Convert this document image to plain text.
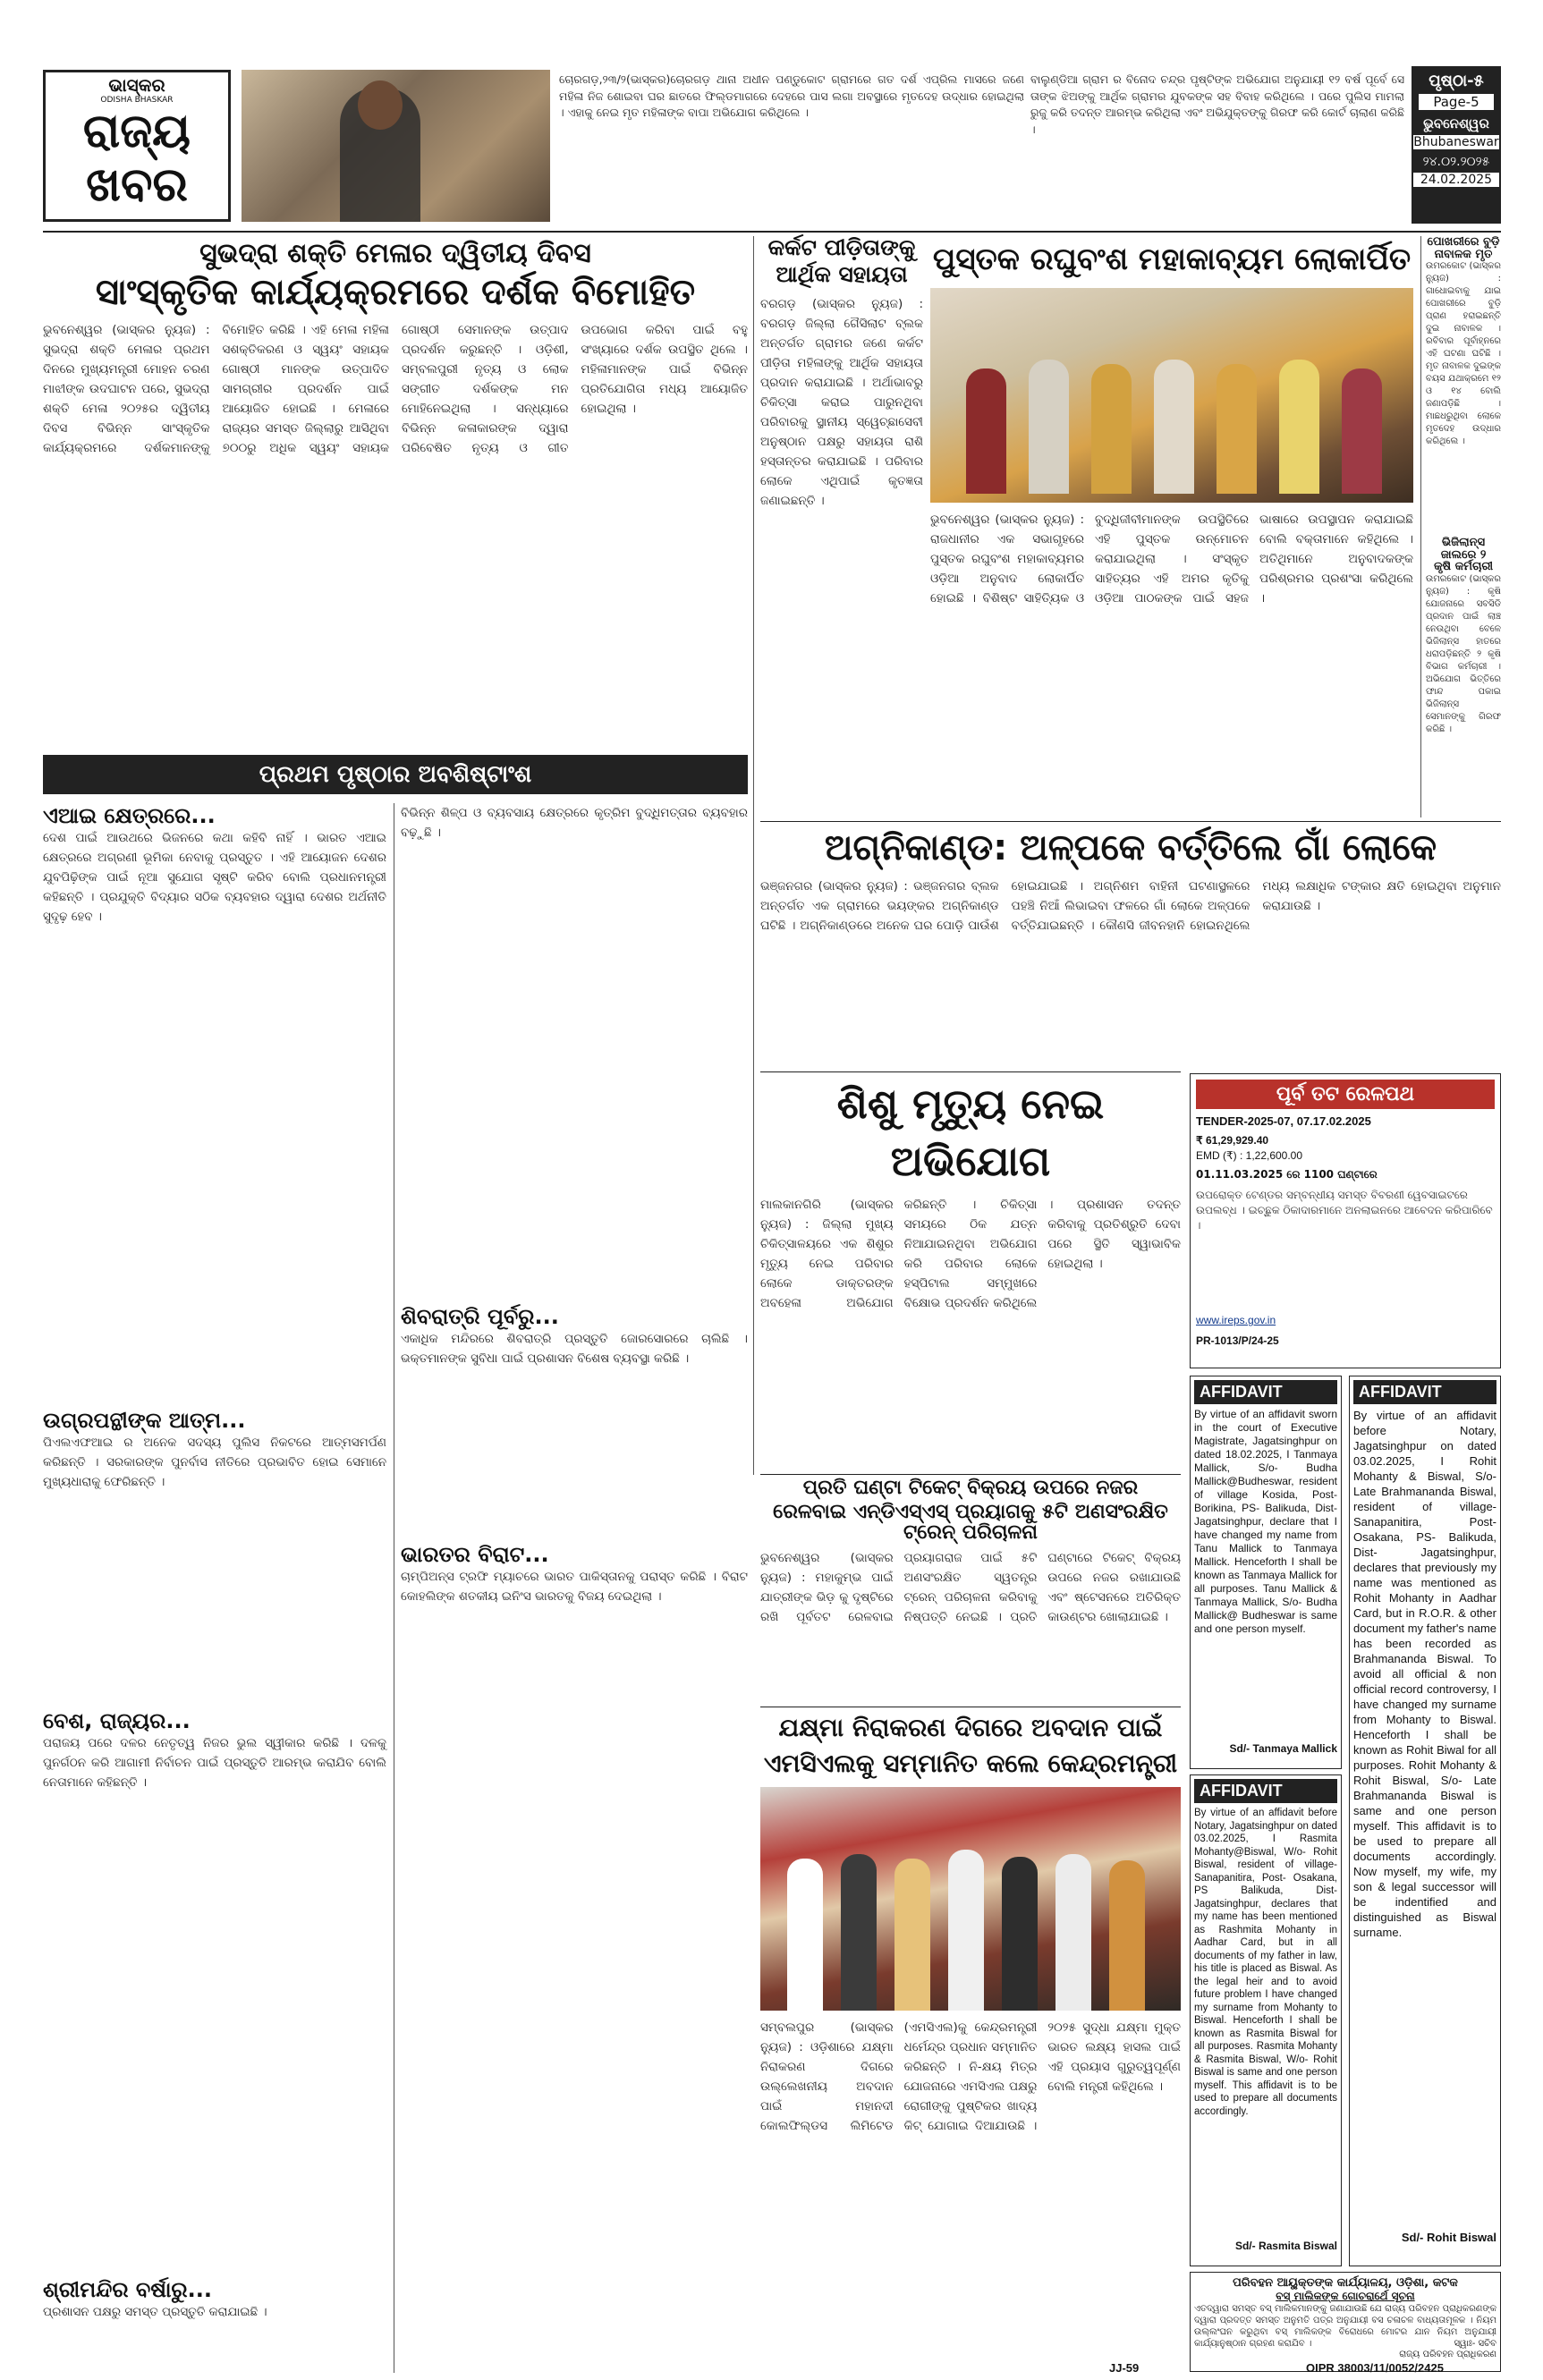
ଭାସ୍କର
ODISHA BHASKAR
ରାଜ୍ୟ
ଖବର
ଚୋରଗଡ଼,୨୩/୨(ଭାସ୍କର)ଚୋରଗଡ଼ ଥାନା ଅଧୀନ ପଣ୍ଡୁକୋଟ ଗ୍ରାମରେ ଗତ ଦର୍ଶ ଏପ୍ରିଲ ମାସରେ ଜଣେ ମହିଳା ନିଜ ଶୋଇବା ଘର ଛାତରେ ଫିଲ୍ଡମାଗରେ ଦେହରେ ପାସ ଲଗା ଅବସ୍ଥାରେ ମୃତଦେହ ଉଦ୍ଧାର ହୋଇଥିଲା । ଏହାକୁ ନେଇ ମୃତ ମହିଳାଙ୍କ ବାପା ଅଭିଯୋଗ କରିଥିଲେ ।
ବାଲୁଣ୍ଡିଆ ଗ୍ରାମ ର ବିନୋଦ ଚନ୍ଦ୍ର ପୃଷ୍ଟିଙ୍କ ଅଭିଯୋଗ ଅନୁଯାୟୀ ୧୨ ବର୍ଷ ପୂର୍ବେ ସେ ତାଙ୍କ ଝିଅଙ୍କୁ ଆର୍ଥିକ ଗ୍ରାମର ଯୁବକଙ୍କ ସହ ବିବାହ କରିଥିଲେ । ପରେ ପୁଲିସ ମାମଲା ରୁଜୁ କରି ତଦନ୍ତ ଆରମ୍ଭ କରିଥିଲା ଏବଂ ଅଭିଯୁକ୍ତଙ୍କୁ ଗିରଫ କରି କୋର୍ଟ ଚାଲାଣ କରିଛି ।
ପୃଷ୍ଠା-୫
Page-5
ଭୁବନେଶ୍ୱର
Bhubaneswar
୨୪.୦୨.୨୦୨୫
24.02.2025
ସୁଭଦ୍ରା ଶକ୍ତି ମେଳାର ଦ୍ୱିତୀୟ ଦିବସ
ସାଂସ୍କୃତିକ କାର୍ଯ୍ୟକ୍ରମରେ ଦର୍ଶକ ବିମୋହିତ
ଭୁବନେଶ୍ୱର (ଭାସ୍କର ନ୍ୟୁଜ) : ସୁଭଦ୍ରା ଶକ୍ତି ମେଳାର ପ୍ରଥମ ଦିନରେ ମୁଖ୍ୟମନ୍ତ୍ରୀ ମୋହନ ଚରଣ ମାଝୀଙ୍କ ଉଦଘାଟନ ପରେ, ସୁଭଦ୍ରା ଶକ୍ତି ମେଳା ୨୦୨୫ର ଦ୍ୱିତୀୟ ଦିବସ ବିଭିନ୍ନ ସାଂସ୍କୃତିକ କାର୍ଯ୍ୟକ୍ରମରେ ଦର୍ଶକମାନଙ୍କୁ ବିମୋହିତ କରିଛି । ଏହି ମେଳା ମହିଳା ସଶକ୍ତିକରଣ ଓ ସ୍ୱୟଂ ସହାୟକ ଗୋଷ୍ଠୀ ମାନଙ୍କ ଉତ୍ପାଦିତ ସାମଗ୍ରୀର ପ୍ରଦର୍ଶନ ପାଇଁ ଆୟୋଜିତ ହୋଇଛି । ମେଳାରେ ରାଜ୍ୟର ସମସ୍ତ ଜିଲ୍ଲାରୁ ଆସିଥିବା ୭୦୦ରୁ ଅଧିକ ସ୍ୱୟଂ ସହାୟକ ଗୋଷ୍ଠୀ ସେମାନଙ୍କ ଉତ୍ପାଦ ପ୍ରଦର୍ଶନ କରୁଛନ୍ତି । ଓଡ଼ିଶୀ, ସମ୍ବଲପୁରୀ ନୃତ୍ୟ ଓ ଲୋକ ସଙ୍ଗୀତ ଦର୍ଶକଙ୍କ ମନ ମୋହିନେଇଥିଲା । ସନ୍ଧ୍ୟାରେ ବିଭିନ୍ନ କଳାକାରଙ୍କ ଦ୍ୱାରା ପରିବେଷିତ ନୃତ୍ୟ ଓ ଗୀତ ଉପଭୋଗ କରିବା ପାଇଁ ବହୁ ସଂଖ୍ୟାରେ ଦର୍ଶକ ଉପସ୍ଥିତ ଥିଲେ । ମହିଳାମାନଙ୍କ ପାଇଁ ବିଭିନ୍ନ ପ୍ରତିଯୋଗିତା ମଧ୍ୟ ଆୟୋଜିତ ହୋଇଥିଲା ।
ପ୍ରଥମ ପୃଷ୍ଠାର ଅବଶିଷ୍ଟାଂଶ
ଏଆଇ କ୍ଷେତ୍ରରେ...
ଦେଶ ପାଇଁ ଆଉଥରେ ଭିଜନରେ କଥା କହିବି ନାହିଁ । ଭାରତ ଏଆଇ କ୍ଷେତ୍ରରେ ଅଗ୍ରଣୀ ଭୂମିକା ନେବାକୁ ପ୍ରସ୍ତୁତ । ଏହି ଆୟୋଜନ ଦେଶର ଯୁବପିଢ଼ିଙ୍କ ପାଇଁ ନୂଆ ସୁଯୋଗ ସୃଷ୍ଟି କରିବ ବୋଲି ପ୍ରଧାନମନ୍ତ୍ରୀ କହିଛନ୍ତି । ପ୍ରଯୁକ୍ତି ବିଦ୍ୟାର ସଠିକ ବ୍ୟବହାର ଦ୍ୱାରା ଦେଶର ଅର୍ଥନୀତି ସୁଦୃଢ଼ ହେବ ।
ଉଗ୍ରପନ୍ଥୀଙ୍କ ଆତ୍ମ...
ପିଏଲଏଫଆଇ ର ଅନେକ ସଦସ୍ୟ ପୁଲିସ ନିକଟରେ ଆତ୍ମସମର୍ପଣ କରିଛନ୍ତି । ସରକାରଙ୍କ ପୁନର୍ବାସ ନୀତିରେ ପ୍ରଭାବିତ ହୋଇ ସେମାନେ ମୁଖ୍ୟଧାରାକୁ ଫେରିଛନ୍ତି ।
ବେଶ, ରାଜ୍ୟର...
ପରାଜୟ ପରେ ଦଳର ନେତୃତ୍ୱ ନିଜର ଭୁଲ ସ୍ୱୀକାର କରିଛି । ଦଳକୁ ପୁନର୍ଗଠନ କରି ଆଗାମୀ ନିର୍ବାଚନ ପାଇଁ ପ୍ରସ୍ତୁତି ଆରମ୍ଭ କରାଯିବ ବୋଲି ନେତାମାନେ କହିଛନ୍ତି ।
ଶ୍ରୀମନ୍ଦିର ବର୍ଷାରୁ...
ପ୍ରଶାସନ ପକ୍ଷରୁ ସମସ୍ତ ପ୍ରସ୍ତୁତି କରାଯାଇଛି ।
ବିଭିନ୍ନ ଶିଳ୍ପ ଓ ବ୍ୟବସାୟ କ୍ଷେତ୍ରରେ କୃତ୍ରିମ ବୁଦ୍ଧିମତ୍ତାର ବ୍ୟବହାର ବଢ଼ୁଛି ।
ଶିବରାତ୍ରି ପୂର୍ବରୁ...
ଏକାଧିକ ମନ୍ଦିରରେ ଶିବରାତ୍ରି ପ୍ରସ୍ତୁତି ଜୋରସୋରରେ ଚାଲିଛି । ଭକ୍ତମାନଙ୍କ ସୁବିଧା ପାଇଁ ପ୍ରଶାସନ ବିଶେଷ ବ୍ୟବସ୍ଥା କରିଛି ।
ଭାରତର ବିରାଟ...
ଚାମ୍ପିଅନ୍ସ ଟ୍ରଫି ମ୍ୟାଚରେ ଭାରତ ପାକିସ୍ତାନକୁ ପରାସ୍ତ କରିଛି । ବିରାଟ କୋହଲିଙ୍କ ଶତକୀୟ ଇନିଂସ ଭାରତକୁ ବିଜୟ ଦେଇଥିଲା ।
କର୍କଟ ପୀଡ଼ିତାଙ୍କୁ
ଆର୍ଥିକ ସହାୟତା
ବରଗଡ଼ (ଭାସ୍କର ନ୍ୟୁଜ) : ବରଗଡ଼ ଜିଲ୍ଲା ଗୈସିଲାଟ ବ୍ଲକ ଅନ୍ତର୍ଗତ ଗ୍ରାମର ଜଣେ କର୍କଟ ପୀଡ଼ିତା ମହିଳାଙ୍କୁ ଆର୍ଥିକ ସହାୟତା ପ୍ରଦାନ କରାଯାଇଛି । ଅର୍ଥାଭାବରୁ ଚିକିତ୍ସା କରାଇ ପାରୁନଥିବା ପରିବାରକୁ ସ୍ଥାନୀୟ ସ୍ୱେଚ୍ଛାସେବୀ ଅନୁଷ୍ଠାନ ପକ୍ଷରୁ ସହାୟତା ରାଶି ହସ୍ତାନ୍ତର କରାଯାଇଛି । ପରିବାର ଲୋକେ ଏଥିପାଇଁ କୃତଜ୍ଞତା ଜଣାଇଛନ୍ତି ।
ପୁସ୍ତକ ରଘୁବଂଶ ମହାକାବ୍ୟମ ଲୋକାର୍ପିତ
ଭୁବନେଶ୍ୱର (ଭାସ୍କର ନ୍ୟୁଜ) : ରାଜଧାନୀର ଏକ ସଭାଗୃହରେ ପୁସ୍ତକ ରଘୁବଂଶ ମହାକାବ୍ୟମର ଓଡ଼ିଆ ଅନୁବାଦ ଲୋକାର୍ପିତ ହୋଇଛି । ବିଶିଷ୍ଟ ସାହିତ୍ୟିକ ଓ ବୁଦ୍ଧିଜୀବୀମାନଙ୍କ ଉପସ୍ଥିତିରେ ଏହି ପୁସ୍ତକ ଉନ୍ମୋଚନ କରାଯାଇଥିଲା । ସଂସ୍କୃତ ସାହିତ୍ୟର ଏହି ଅମର କୃତିକୁ ଓଡ଼ିଆ ପାଠକଙ୍କ ପାଇଁ ସହଜ ଭାଷାରେ ଉପସ୍ଥାପନ କରାଯାଇଛି ବୋଲି ବକ୍ତାମାନେ କହିଥିଲେ । ଅତିଥିମାନେ ଅନୁବାଦକଙ୍କ ପରିଶ୍ରମର ପ୍ରଶଂସା କରିଥିଲେ ।
ଅଗ୍ନିକାଣ୍ଡ: ଅଳ୍ପକେ ବର୍ତ୍ତିଲେ ଗାଁ ଲୋକେ
ଭଞ୍ଜନଗର (ଭାସ୍କର ନ୍ୟୁଜ) : ଭଞ୍ଜନଗର ବ୍ଲକ ଅନ୍ତର୍ଗତ ଏକ ଗ୍ରାମରେ ଭୟଙ୍କର ଅଗ୍ନିକାଣ୍ଡ ଘଟିଛି । ଅଗ୍ନିକାଣ୍ଡରେ ଅନେକ ଘର ପୋଡ଼ି ପାଉଁଶ ହୋଇଯାଇଛି । ଅଗ୍ନିଶମ ବାହିନୀ ଘଟଣାସ୍ଥଳରେ ପହଞ୍ଚି ନିଆଁ ଲିଭାଇବା ଫଳରେ ଗାଁ ଲୋକେ ଅଳ୍ପକେ ବର୍ତ୍ତିଯାଇଛନ୍ତି । କୌଣସି ଜୀବନହାନି ହୋଇନଥିଲେ ମଧ୍ୟ ଲକ୍ଷାଧିକ ଟଙ୍କାର କ୍ଷତି ହୋଇଥିବା ଅନୁମାନ କରାଯାଉଛି ।
ଶିଶୁ ମୃତ୍ୟୁ ନେଇ ଅଭିଯୋଗ
ମାଲକାନଗିରି (ଭାସ୍କର ନ୍ୟୁଜ) : ଜିଲ୍ଲା ମୁଖ୍ୟ ଚିକିତ୍ସାଳୟରେ ଏକ ଶିଶୁର ମୃତ୍ୟୁ ନେଇ ପରିବାର ଲୋକେ ଡାକ୍ତରଙ୍କ ଅବହେଳା ଅଭିଯୋଗ କରିଛନ୍ତି । ଚିକିତ୍ସା ସମୟରେ ଠିକ ଯତ୍ନ ନିଆଯାଇନଥିବା ଅଭିଯୋଗ କରି ପରିବାର ଲୋକେ ହସ୍ପିଟାଲ ସମ୍ମୁଖରେ ବିକ୍ଷୋଭ ପ୍ରଦର୍ଶନ କରିଥିଲେ । ପ୍ରଶାସନ ତଦନ୍ତ କରିବାକୁ ପ୍ରତିଶ୍ରୁତି ଦେବା ପରେ ସ୍ଥିତି ସ୍ୱାଭାବିକ ହୋଇଥିଲା ।
ପ୍ରତି ଘଣ୍ଟା ଟିକେଟ୍ ବିକ୍ରୟ ଉପରେ ନଜର
ରେଳବାଇ ଏନ୍‌ଡିଏସ୍‌ଏସ୍ ପ୍ରୟାଗକୁ ୫ଟି ଅଣସଂରକ୍ଷିତ ଟ୍ରେନ୍ ପରିଚାଳନା
ଭୁବନେଶ୍ୱର (ଭାସ୍କର ନ୍ୟୁଜ) : ମହାକୁମ୍ଭ ପାଇଁ ଯାତ୍ରୀଙ୍କ ଭିଡ଼ କୁ ଦୃଷ୍ଟିରେ ରଖି ପୂର୍ବତଟ ରେଳବାଇ ପ୍ରୟାଗରାଜ ପାଇଁ ୫ଟି ଅଣସଂରକ୍ଷିତ ସ୍ୱତନ୍ତ୍ର ଟ୍ରେନ୍ ପରିଚାଳନା କରିବାକୁ ନିଷ୍ପତ୍ତି ନେଇଛି । ପ୍ରତି ଘଣ୍ଟାରେ ଟିକେଟ୍ ବିକ୍ରୟ ଉପରେ ନଜର ରଖାଯାଉଛି ଏବଂ ଷ୍ଟେସନରେ ଅତିରିକ୍ତ କାଉଣ୍ଟର ଖୋଲାଯାଇଛି ।
ଯକ୍ଷ୍ମା ନିରାକରଣ ଦିଗରେ ଅବଦାନ ପାଇଁ
ଏମସିଏଲକୁ ସମ୍ମାନିତ କଲେ କେନ୍ଦ୍ରମନ୍ତ୍ରୀ
ସମ୍ବଲପୁର (ଭାସ୍କର ନ୍ୟୁଜ) : ଓଡ଼ିଶାରେ ଯକ୍ଷ୍ମା ନିରାକରଣ ଦିଗରେ ଉଲ୍ଲେଖନୀୟ ଅବଦାନ ପାଇଁ ମହାନଦୀ କୋଲଫିଲ୍ଡସ ଲିମିଟେଡ (ଏମସିଏଲ)କୁ କେନ୍ଦ୍ରମନ୍ତ୍ରୀ ଧର୍ମେନ୍ଦ୍ର ପ୍ରଧାନ ସମ୍ମାନିତ କରିଛନ୍ତି । ନି-କ୍ଷୟ ମିତ୍ର ଯୋଜନାରେ ଏମସିଏଲ ପକ୍ଷରୁ ରୋଗୀଙ୍କୁ ପୁଷ୍ଟିକର ଖାଦ୍ୟ କିଟ୍ ଯୋଗାଇ ଦିଆଯାଉଛି । ୨୦୨୫ ସୁଦ୍ଧା ଯକ୍ଷ୍ମା ମୁକ୍ତ ଭାରତ ଲକ୍ଷ୍ୟ ହାସଲ ପାଇଁ ଏହି ପ୍ରୟାସ ଗୁରୁତ୍ୱପୂର୍ଣ୍ଣ ବୋଲି ମନ୍ତ୍ରୀ କହିଥିଲେ ।
ପୂର୍ବ ତଟ ରେଳପଥ
TENDER-2025-07, 07.17.02.2025
₹ 61,29,929.40
EMD (₹) : 1,22,600.00
01.11.03.2025 ରେ 1100 ଘଣ୍ଟାରେ
ଉପରୋକ୍ତ ଟେଣ୍ଡର ସମ୍ବନ୍ଧୀୟ ସମସ୍ତ ବିବରଣୀ ୱେବସାଇଟରେ ଉପଲବ୍ଧ । ଇଚ୍ଛୁକ ଠିକାଦାରମାନେ ଅନଲାଇନରେ ଆବେଦନ କରିପାରିବେ ।
www.ireps.gov.in
PR-1013/P/24-25
AFFIDAVIT
By virtue of an affidavit sworn in the court of Executive Magistrate, Jagatsinghpur on dated 18.02.2025, I Tanmaya Mallick, S/o- Budha Mallick@Budheswar, resident of village Kosida, Post- Borikina, PS- Balikuda, Dist- Jagatsinghpur, declare that I have changed my name from Tanu Mallick to Tanmaya Mallick. Henceforth I shall be known as Tanmaya Mallick for all purposes. Tanu Mallick & Tanmaya Mallick, S/o- Budha Mallick@ Budheswar is same and one person myself.
Sd/- Tanmaya Mallick
AFFIDAVIT
By virtue of an affidavit before Notary, Jagatsinghpur on dated 03.02.2025, I Rasmita Mohanty@Biswal, W/o- Rohit Biswal, resident of village- Sanapanitira, Post- Osakana, PS Balikuda, Dist- Jagatsinghpur, declares that my name has been mentioned as Rashmita Mohanty in Aadhar Card, but in all documents of my father in law, his title is placed as Biswal. As the legal heir and to avoid future problem I have changed my surname from Mohanty to Biswal. Henceforth I shall be known as Rasmita Biswal for all purposes. Rasmita Mohanty & Rasmita Biswal, W/o- Rohit Biswal is same and one person myself. This affidavit is to be used to prepare all documents accordingly.
Sd/- Rasmita Biswal
AFFIDAVIT
By virtue of an affidavit before Notary, Jagatsinghpur on dated 03.02.2025, I Rohit Mohanty & Biswal, S/o- Late Brahmananda Biswal, resident of village- Sanapanitira, Post- Osakana, PS- Balikuda, Dist- Jagatsinghpur, declares that previously my name was mentioned as Rohit Mohanty in Aadhar Card, but in R.O.R. & other document my father's name has been recorded as Brahmananda Biswal. To avoid all official & non official record controversy, I have changed my surname from Mohanty to Biswal. Henceforth I shall be known as Rohit Biwal for all purposes. Rohit Mohanty & Rohit Biswal, S/o- Late Brahmananda Biswal is same and one person myself. This affidavit is to be used to prepare all documents accordingly. Now myself, my wife, my son & legal successor will be indentified and distinguished as Biswal surname.
Sd/- Rohit Biswal
ପରିବହନ ଆୟୁକ୍ତଙ୍କ କାର୍ଯ୍ୟାଳୟ, ଓଡ଼ିଶା, କଟକ
ବସ୍ ମାଲିକଙ୍କ ଗୋଚରାର୍ଥେ ସୂଚନା
ଏତଦ୍ୱାରା ସମସ୍ତ ବସ୍ ମାଲିକମାନଙ୍କୁ ଜଣାଯାଉଛି ଯେ ରାଜ୍ୟ ପରିବହନ ପ୍ରାଧିକରଣଙ୍କ ଦ୍ୱାରା ପ୍ରଦତ୍ତ ସମସ୍ତ ଅନୁମତି ପତ୍ର ଅନୁଯାୟୀ ବସ ଚଳାଚଳ ବାଧ୍ୟତାମୂଳକ । ନିୟମ ଉଲ୍ଲଂଘନ କରୁଥିବା ବସ୍ ମାଲିକଙ୍କ ବିରୋଧରେ ମୋଟର ଯାନ ନିୟମ ଅନୁଯାୟୀ କାର୍ଯ୍ୟାନୁଷ୍ଠାନ ଗ୍ରହଣ କରାଯିବ ।	ସ୍ୱାଃ- ସଚିବ
ରାଜ୍ୟ ପରିବହନ ପ୍ରାଧିକରଣ
ପୋଖରୀରେ ବୁଡ଼ି
ନାବାଳକ ମୃତ
ଉମରକୋଟ (ଭାସ୍କର ନ୍ୟୁଜ) : ଗାଧୋଇବାକୁ ଯାଇ ପୋଖରୀରେ ବୁଡ଼ି ପ୍ରାଣ ହରାଇଛନ୍ତି ଦୁଇ ନାବାଳକ । ରବିବାର ପୂର୍ବାହ୍ନରେ ଏହି ଘଟଣା ଘଟିଛି । ମୃତ ନାବାଳକ ଦୁଇଙ୍କ ବୟସ ଯଥାକ୍ରମେ ୧୨ ଓ ୧୪ ବୋଲି ଜଣାପଡ଼ିଛି । ମାଛଧରୁଥିବା ଲୋକେ ମୃତଦେହ ଉଦ୍ଧାର କରିଥିଲେ ।
ଭିଜିଲାନ୍ସ ଜାଲରେ ୨
କୃଷି କର୍ମଚାରୀ
ଉମରକୋଟ (ଭାସ୍କର ନ୍ୟୁଜ) : କୃଷି ଯୋଜନାରେ ସବସିଡି ପ୍ରଦାନ ପାଇଁ ଲାଞ୍ଚ ନେଉଥିବା ବେଳେ ଭିଜିଲାନ୍ସ ହାତରେ ଧରାପଡ଼ିଛନ୍ତି ୨ କୃଷି ବିଭାଗ କର୍ମଚାରୀ । ଅଭିଯୋଗ ଭିତ୍ତିରେ ଫାନ୍ଦ ପକାଇ ଭିଜିଲାନ୍ସ ସେମାନଙ୍କୁ ଗିରଫ କରିଛି ।
JJ-59	OIPR 38003/11/0052/2425
